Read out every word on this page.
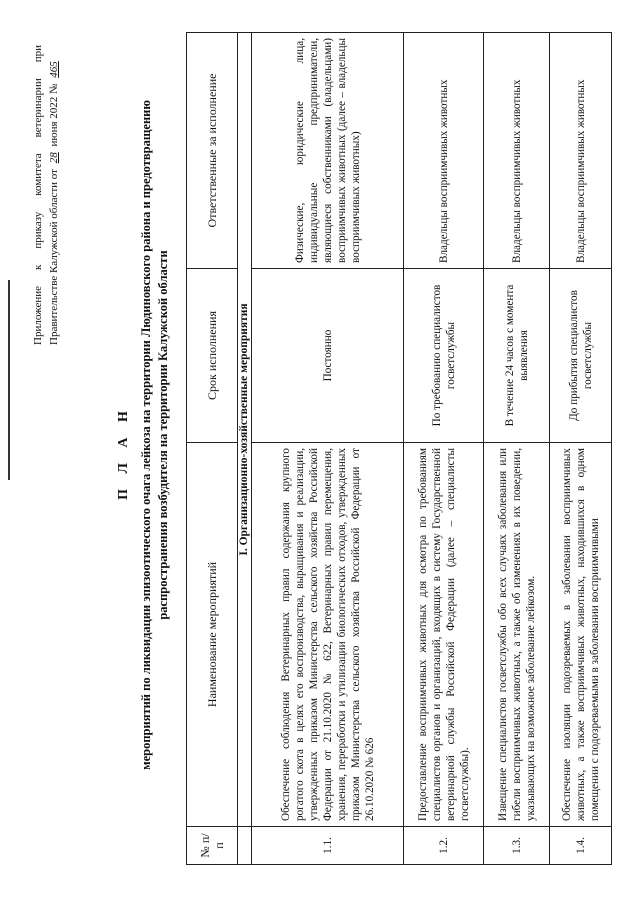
Приложение к приказу комитета ветеринарии при Правительстве Калужской области от 28 июня 2022 № 465
П Л А Н мероприятий по ликвидации эпизоотического очага лейкоза на территории Людиновского района и предотвращению распространения возбудителя на территории Калужской области
№ п/п	Наименование мероприятий	Срок исполнения	Ответственные за исполнение
	I. Организационно-хозяйственные мероприятия		
1.1.	Обеспечение соблюдения Ветеринарных правил содержания крупного рогатого скота в целях его воспроизводства, выращивания и реализации, утвержденных приказом Министерства сельского хозяйства Российской Федерации от 21.10.2020 № 622, Ветеринарных правил перемещения, хранения, переработки и утилизации биологических отходов, утвержденных приказом Министерства сельского хозяйства Российской Федерации от 26.10.2020 № 626	Постоянно	Физические, юридические лица, индивидуальные предприниматели, являющиеся собственниками (владельцами) восприимчивых животных (далее – владельцы восприимчивых животных)
1.2.	Предоставление восприимчивых животных для осмотра по требованиям специалистов органов и организаций, входящих в систему Государственной ветеринарной службы Российской Федерации (далее – специалисты госветслужбы).	По требованию специалистов госветслужбы	Владельцы восприимчивых животных
1.3.	Извещение специалистов госветслужбы обо всех случаях заболевания или гибели восприимчивых животных, а также об изменениях в их поведении, указывающих на возможное заболевание лейкозом.	В течение 24 часов с момента выявления	Владельцы восприимчивых животных
1.4.	Обеспечение изоляции подозреваемых в заболевании восприимчивых животных, а также восприимчивых животных, находившихся в одном помещении с подозреваемыми в заболевании восприимчивыми	До прибытия специалистов госветслужбы	Владельцы восприимчивых животных
